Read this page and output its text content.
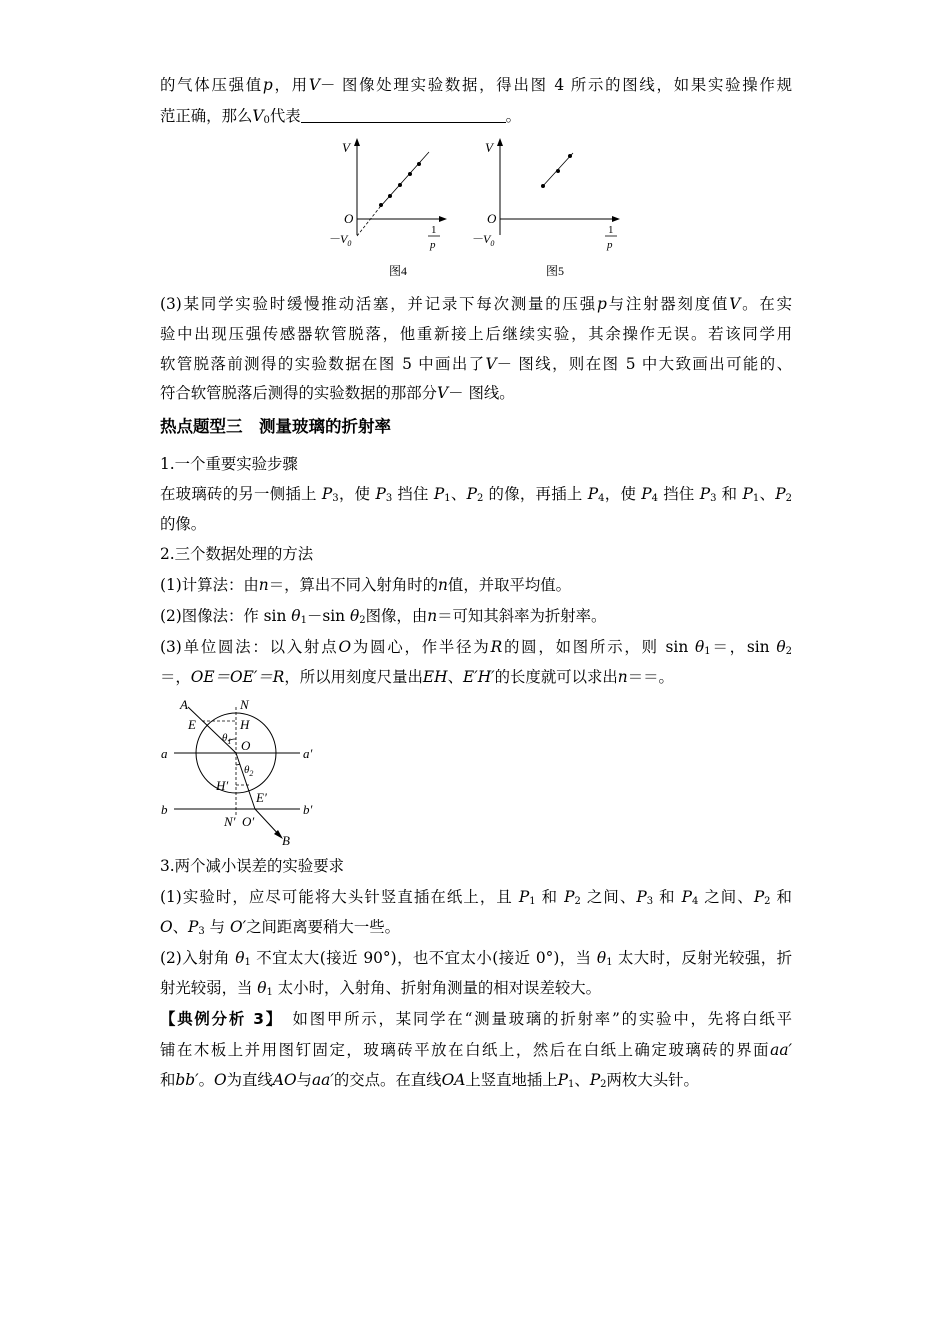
的气体压强值p，用V－ 图像处理实验数据，得出图 4 所示的图线，如果实验操作规
范正确，那么$V_0$代表	。
V
O
$-V_0$
1
p
图4
V
O
$-V_0$
1
p
图5
(3)某同学实验时缓慢推动活塞，并记录下每次测量的压强p与注射器刻度值V。在实
验中出现压强传感器软管脱落，他重新接上后继续实验，其余操作无误。若该同学用
软管脱落前测得的实验数据在图 5 中画出了V－ 图线，则在图 5 中大致画出可能的、
符合软管脱落后测得的实验数据的那部分V－ 图线。
热点题型三　测量玻璃的折射率
1.一个重要实验步骤
在玻璃砖的另一侧插上 $P_3$，使 $P_3$ 挡住 $P_1$、$P_2$ 的像，再插上 $P_4$，使 $P_4$ 挡住 $P_3$ 和 $P_1$、$P_2$
的像。
2.三个数据处理的方法
(1)计算法：由n＝，算出不同入射角时的n值，并取平均值。
(2)图像法：作 $\sin \theta_1-\sin$ $\theta_2$图像，由n＝可知其斜率为折射率。
(3)单位圆法：以入射点O为圆心，作半径为R的圆，如图所示，则 $\sin \theta_1=$，$\sin \theta_2$
＝，OE＝OE′＝R，所以用刻度尺量出EH、E′H′的长度就可以求出n＝＝。
A	N
E	H
$\theta_1$ O
a	a′
$\theta_2$
H′
E′
b	b′
N′ O′
B
3.两个减小误差的实验要求
(1)实验时，应尽可能将大头针竖直插在纸上，且 $P_1$ 和 $P_2$ 之间、$P_3$ 和 $P_4$ 之间、$P_2$ 和
O、$P_3$ 与 O′之间距离要稍大一些。
(2)入射角 $\theta_1$ 不宜太大(接近 90°)，也不宜太小(接近 0°)，当 $\theta_1$ 太大时，反射光较强，折
射光较弱，当 $\theta_1$ 太小时，入射角、折射角测量的相对误差较大。
【典例分析 3】　如图甲所示，某同学在“测量玻璃的折射率”的实验中，先将白纸平
铺在木板上并用图钉固定，玻璃砖平放在白纸上，然后在白纸上确定玻璃砖的界面aa′
和bb′。O为直线AO与aa′的交点。在直线OA上竖直地插上$P_1$、$P_2$两枚大头针。
